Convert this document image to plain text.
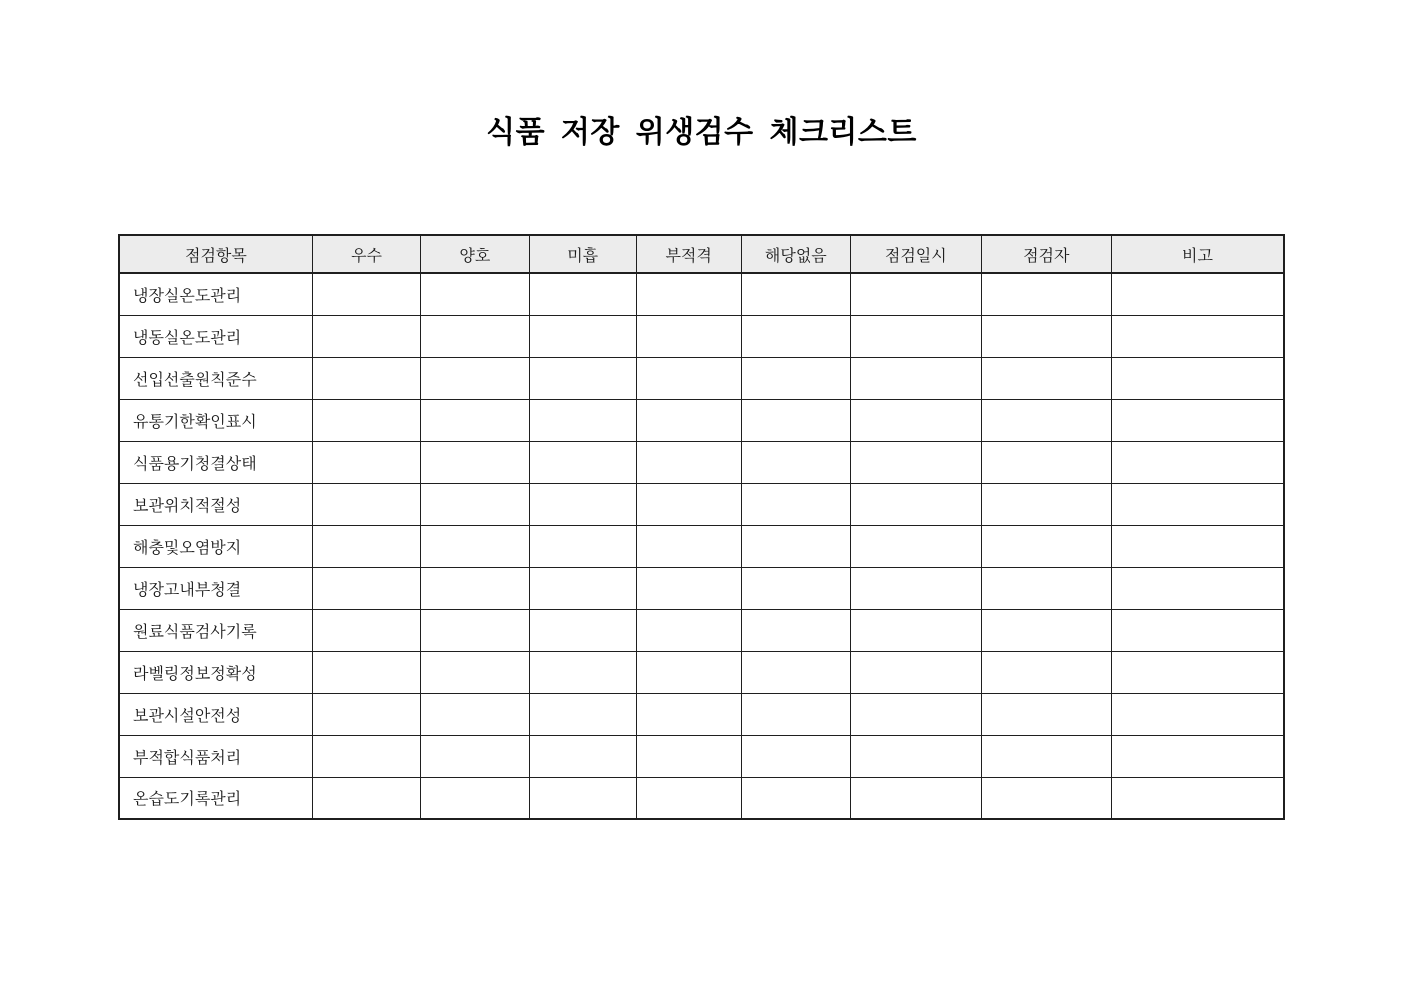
식품 저장 위생검수 체크리스트
점검항목	우수	양호	미흡	부적격	해당없음	점검일시	점검자	비고
냉장실온도관리								
냉동실온도관리								
선입선출원칙준수								
유통기한확인표시								
식품용기청결상태								
보관위치적절성								
해충및오염방지								
냉장고내부청결								
원료식품검사기록								
라벨링정보정확성								
보관시설안전성								
부적합식품처리								
온습도기록관리								
